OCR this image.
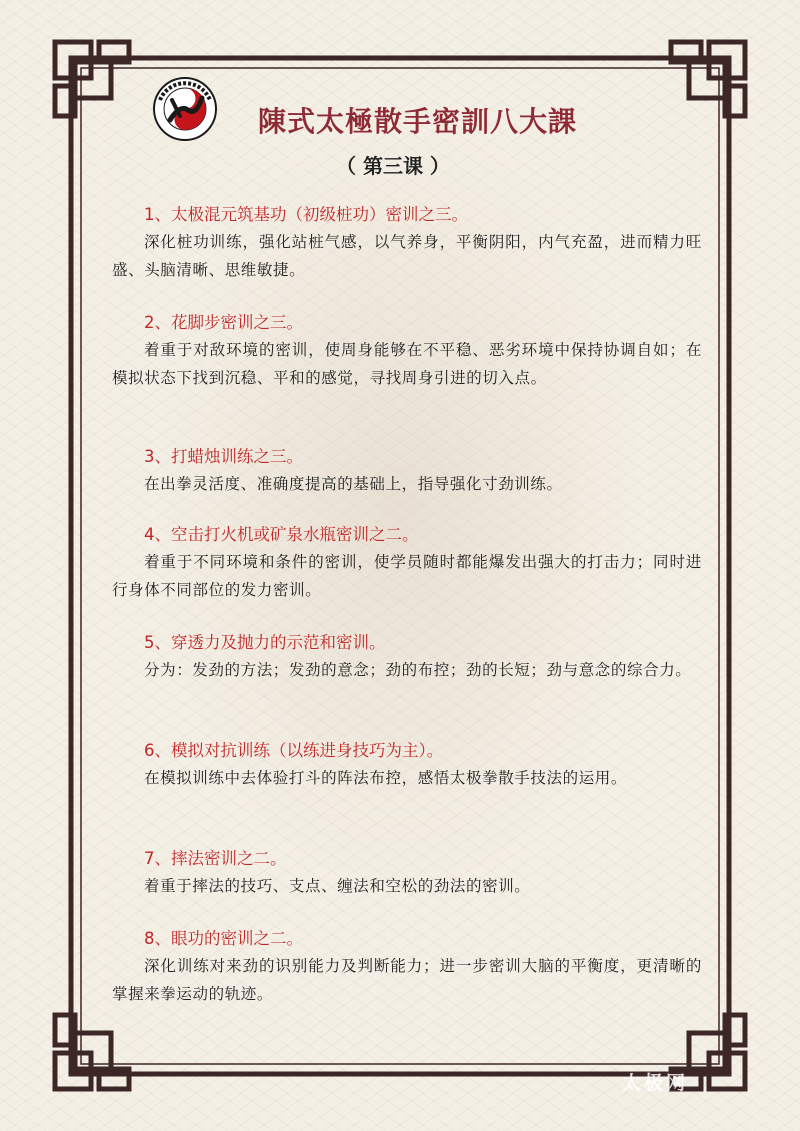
陳式太極散手密訓八大課
（ 第三课 ）
1、太极混元筑基功（初级桩功）密训之三。
深化桩功训练，强化站桩气感，以气养身，平衡阴阳，内气充盈，进而精力旺盛、头脑清晰、思维敏捷。
2、花脚步密训之三。
着重于对敌环境的密训，使周身能够在不平稳、恶劣环境中保持协调自如；在模拟状态下找到沉稳、平和的感觉，寻找周身引进的切入点。
3、打蜡烛训练之三。
在出拳灵活度、准确度提高的基础上，指导强化寸劲训练。
4、空击打火机或矿泉水瓶密训之二。
着重于不同环境和条件的密训，使学员随时都能爆发出强大的打击力；同时进行身体不同部位的发力密训。
5、穿透力及抛力的示范和密训。
分为：发劲的方法；发劲的意念；劲的布控；劲的长短；劲与意念的综合力。
6、模拟对抗训练（以练进身技巧为主）。
在模拟训练中去体验打斗的阵法布控，感悟太极拳散手技法的运用。
7、摔法密训之二。
着重于摔法的技巧、支点、缠法和空松的劲法的密训。
8、眼功的密训之二。
深化训练对来劲的识别能力及判断能力；进一步密训大脑的平衡度，更清晰的掌握来拳运动的轨迹。
太极网
